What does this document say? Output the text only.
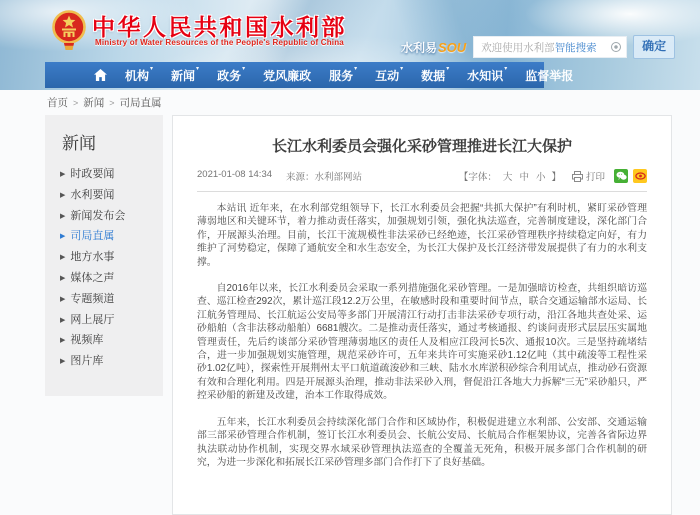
中华人民共和国水利部
Ministry of Water Resources of the People's Republic of China	水利易 SOU	欢迎使用水利部智能搜索	确定
机构 ▾ 新闻 ▾ 政务 ▾ 党风廉政 服务 ▾ 互动 ▾ 数据 ▾ 水知识 ▾ 监督举报
首页 > 新闻 > 司局直属
新闻
▶ 时政要闻
▶ 水利要闻
▶ 新闻发布会
▶ 司局直属
▶ 地方水事
▶ 媒体之声
▶ 专题频道
▶ 网上展厅
▶ 视频库
▶ 图片库
长江水利委员会强化采砂管理推进长江大保护
2021-01-08 14:34 来源：水利部网站	【字体： 大 中 小 】	打印

本站讯 近年来，在水利部党组领导下，长江水利委员会把握“共抓大保护”有利时机，紧盯采砂管理薄弱地区和关键环节，着力推动责任落实，加强规划引领，强化执法巡查，完善制度建设，深化部门合作，开展源头治理。目前，长江干流规模性非法采砂已经绝迹，长江采砂管理秩序持续稳定向好，有力维护了河势稳定，保障了通航安全和水生态安全，为长江大保护及长江经济带发展提供了有力的水利支撑。

自2016年以来，长江水利委员会采取一系列措施强化采砂管理。一是加强暗访检查，共组织暗访巡查、巡江检查292次，累计巡江段12.2万公里，在敏感时段和重要时间节点，联合交通运输部水运局、长江航务管理局、长江航运公安局等多部门开展清江行动打击非法采砂专项行动，沿江各地共查处采、运砂船舶（含非法移动船舶）6681艘次。二是推动责任落实，通过考核通报、约谈问责形式层层压实属地管理责任，先后约谈部分采砂管理薄弱地区的责任人及相应江段河长5次、通报10次。三是坚持疏堵结合，进一步加强规划实施管理，规范采砂许可，五年来共许可实施采砂1.12亿吨（其中疏浚等工程性采砂1.02亿吨），探索性开展荆州太平口航道疏浚砂和三峡、陆水水库淤积砂综合利用试点，推动砂石资源有效和合理化利用。四是开展源头治理，推动非法采砂入刑，督促沿江各地大力拆解“三无”采砂船只，严控采砂船的新建及改建，治本工作取得成效。

五年来，长江水利委员会持续深化部门合作和区域协作，积极促进建立水利部、公安部、交通运输部三部采砂管理合作机制，签订长江水利委员会、长航公安局、长航局合作框架协议，完善各省际边界执法联动协作机制，实现交界水域采砂管理执法巡查的全覆盖无死角，积极开展多部门合作机制的研究，为进一步深化和拓展长江采砂管理多部门合作打下了良好基础。
